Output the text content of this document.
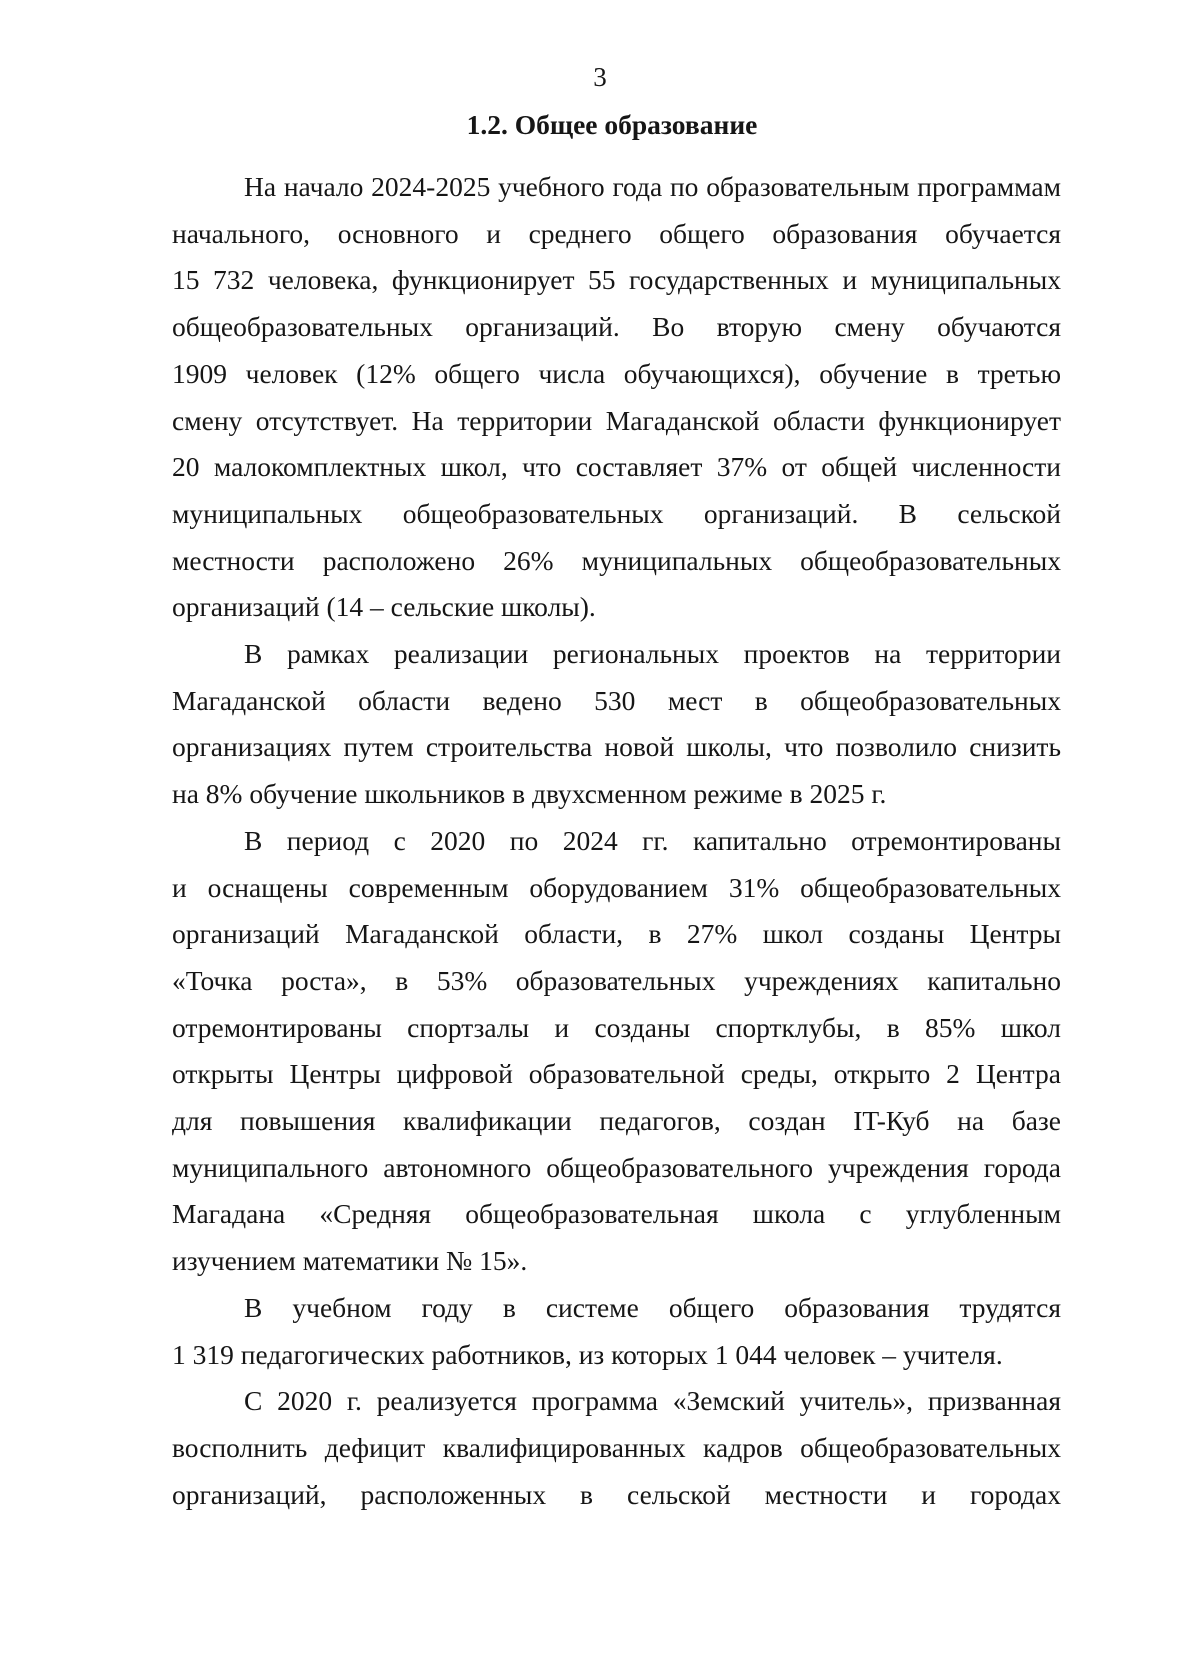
3
1.2. Общее образование

На начало 2024-2025 учебного года по образовательным программам
начального, основного и среднего общего образования обучается
15 732 человека, функционирует 55 государственных и муниципальных
общеобразовательных организаций. Во вторую смену обучаются
1909 человек (12% общего числа обучающихся), обучение в третью
смену отсутствует. На территории Магаданской области функционирует
20 малокомплектных школ, что составляет 37% от общей численности
муниципальных общеобразовательных организаций. В сельской
местности расположено 26% муниципальных общеобразовательных
организаций (14 – сельские школы).

В рамках реализации региональных проектов на территории
Магаданской области ведено 530 мест в общеобразовательных
организациях путем строительства новой школы, что позволило снизить
на 8% обучение школьников в двухсменном режиме в 2025 г.

В период с 2020 по 2024 гг. капитально отремонтированы
и оснащены современным оборудованием 31% общеобразовательных
организаций Магаданской области, в 27% школ созданы Центры
«Точка роста», в 53% образовательных учреждениях капитально
отремонтированы спортзалы и созданы спортклубы, в 85% школ
открыты Центры цифровой образовательной среды, открыто 2 Центра
для повышения квалификации педагогов, создан IT-Куб на базе
муниципального автономного общеобразовательного учреждения города
Магадана «Средняя общеобразовательная школа с углубленным
изучением математики № 15».

В учебном году в системе общего образования трудятся
1 319 педагогических работников, из которых 1 044 человек – учителя.

С 2020 г. реализуется программа «Земский учитель», призванная
восполнить дефицит квалифицированных кадров общеобразовательных
организаций, расположенных в сельской местности и городах
